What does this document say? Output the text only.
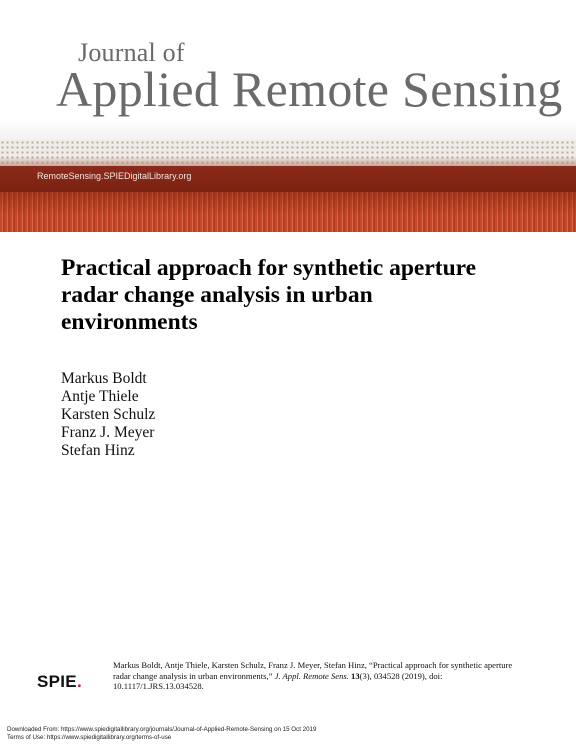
Journal of
Applied Remote Sensing
RemoteSensing.SPIEDigitalLibrary.org
Practical approach for synthetic aperture radar change analysis in urban environments
Markus Boldt
Antje Thiele
Karsten Schulz
Franz J. Meyer
Stefan Hinz
SPIE.
Markus Boldt, Antje Thiele, Karsten Schulz, Franz J. Meyer, Stefan Hinz, “Practical approach for synthetic aperture radar change analysis in urban environments,” J. Appl. Remote Sens. 13(3), 034528 (2019), doi: 10.1117/1.JRS.13.034528.
Downloaded From: https://www.spiedigitallibrary.org/journals/Journal-of-Applied-Remote-Sensing on 15 Oct 2019
Terms of Use: https://www.spiedigitallibrary.org/terms-of-use
